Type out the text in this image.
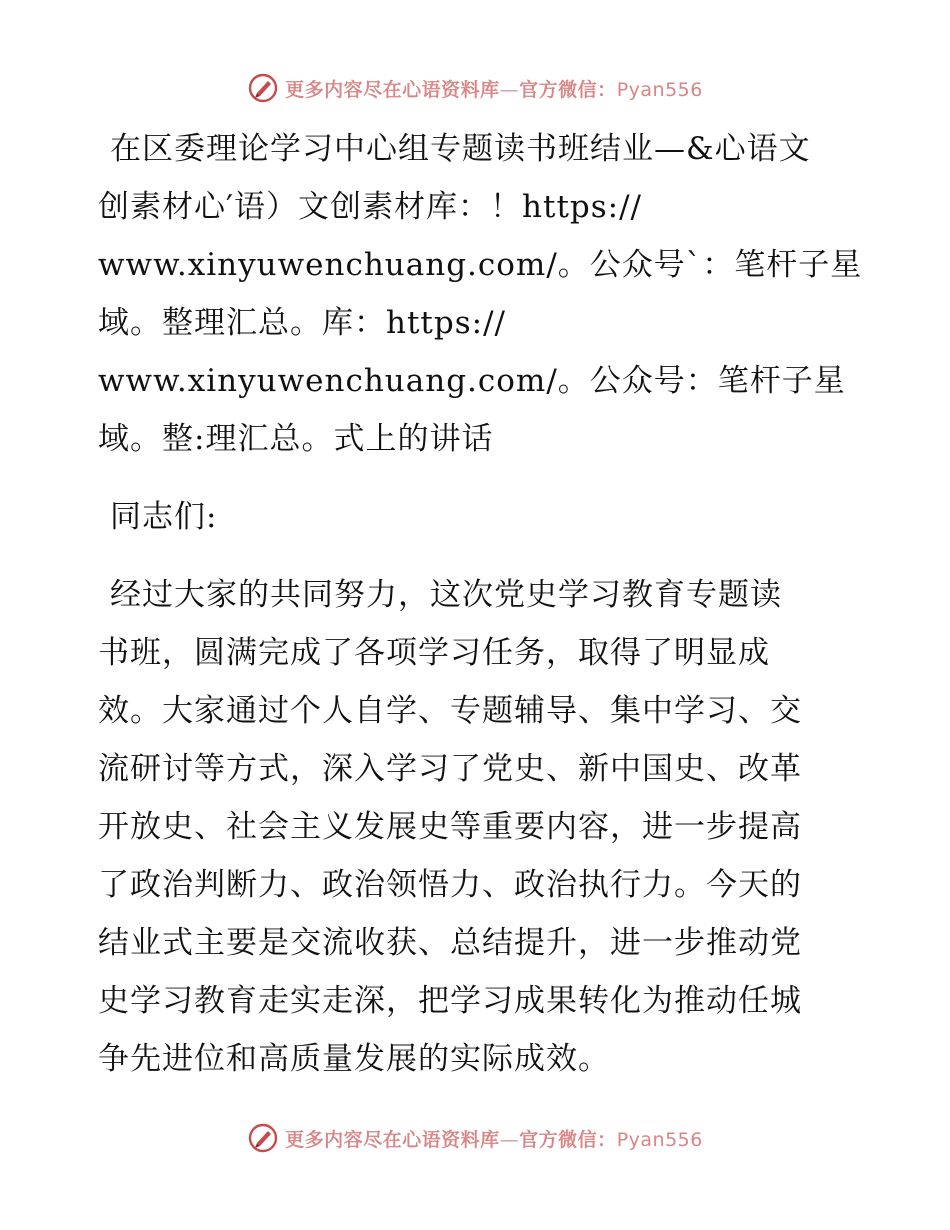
更多内容尽在心语资料库—官方微信：Pyan556
在区委理论学习中心组专题读书班结业—&心语文
创素材心′语）文创素材库：！https://
www.xinyuwenchuang.com/。公众号`：笔杆子星
域。整理汇总。库：https://
www.xinyuwenchuang.com/。公众号：笔杆子星
域。整:理汇总。式上的讲话
同志们:
经过大家的共同努力，这次党史学习教育专题读
书班，圆满完成了各项学习任务，取得了明显成
效。大家通过个人自学、专题辅导、集中学习、交
流研讨等方式，深入学习了党史、新中国史、改革
开放史、社会主义发展史等重要内容，进一步提高
了政治判断力、政治领悟力、政治执行力。今天的
结业式主要是交流收获、总结提升，进一步推动党
史学习教育走实走深，把学习成果转化为推动任城
争先进位和高质量发展的实际成效。
更多内容尽在心语资料库—官方微信：Pyan556
